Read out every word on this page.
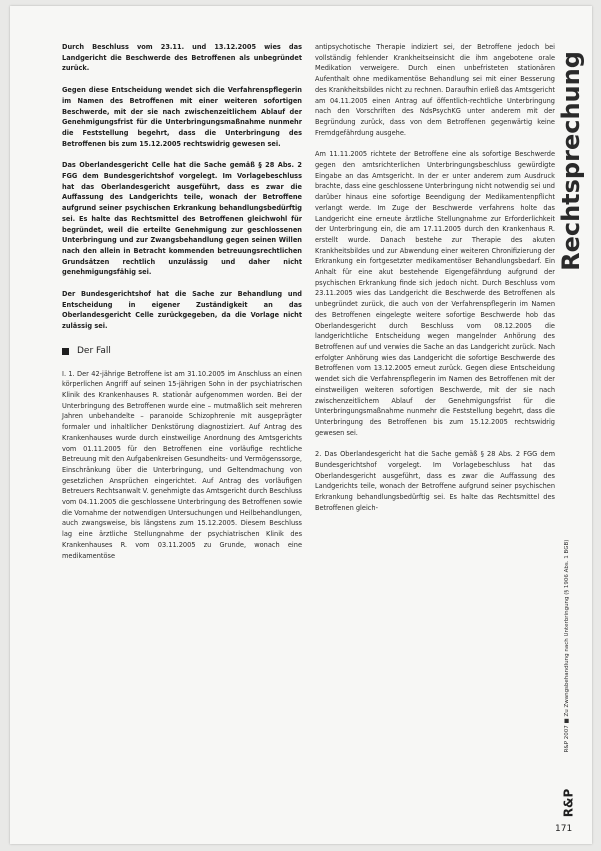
Durch Beschluss vom 23.11. und 13.12.2005 wies das Landgericht die Beschwerde des Betroffenen als unbegründet zurück.

Gegen diese Entscheidung wendet sich die Verfahrenspflegerin im Namen des Betroffenen mit einer weiteren sofortigen Beschwerde, mit der sie nach zwischenzeitlichem Ablauf der Genehmigungsfrist für die Unterbringungsmaßnahme nunmehr die Feststellung begehrt, dass die Unterbringung des Betroffenen bis zum 15.12.2005 rechtswidrig gewesen sei.

Das Oberlandesgericht Celle hat die Sache gemäß § 28 Abs. 2 FGG dem Bundesgerichtshof vorgelegt. Im Vorlagebeschluss hat das Oberlandesgericht ausgeführt, dass es zwar die Auffassung des Landgerichts teile, wonach der Betroffene aufgrund seiner psychischen Erkrankung behandlungsbedürftig sei. Es halte das Rechtsmittel des Betroffenen gleichwohl für begründet, weil die erteilte Genehmigung zur geschlossenen Unterbringung und zur Zwangsbehandlung gegen seinen Willen nach den allein in Betracht kommenden betreuungsrechtlichen Grundsätzen rechtlich unzulässig und daher nicht genehmigungsfähig sei.

Der Bundesgerichtshof hat die Sache zur Behandlung und Entscheidung in eigener Zuständigkeit an das Oberlandesgericht Celle zurückgegeben, da die Vorlage nicht zulässig sei.

Der Fall

I. 1. Der 42-jährige Betroffene ist am 31.10.2005 im Anschluss an einen körperlichen Angriff auf seinen 15-jährigen Sohn in der psychiatrischen Klinik des Krankenhauses R. stationär aufgenommen worden. Bei der Unterbringung des Betroffenen wurde eine – mutmaßlich seit mehreren Jahren unbehandelte – paranoide Schizophrenie mit ausgeprägter formaler und inhaltlicher Denkstörung diagnostiziert. Auf Antrag des Krankenhauses wurde durch einstweilige Anordnung des Amtsgerichts vom 01.11.2005 für den Betroffenen eine vorläufige rechtliche Betreuung mit den Aufgabenkreisen Gesundheits- und Vermögenssorge, Einschränkung über die Unterbringung, und Geltendmachung von gesetzlichen Ansprüchen eingerichtet. Auf Antrag des vorläufigen Betreuers Rechtsanwalt V. genehmigte das Amtsgericht durch Beschluss vom 04.11.2005 die geschlossene Unterbringung des Betroffenen sowie die Vornahme der notwendigen Untersuchungen und Heilbehandlungen, auch zwangsweise, bis längstens zum 15.12.2005. Diesem Beschluss lag eine ärztliche Stellungnahme der psychiatrischen Klinik des Krankenhauses R. vom 03.11.2005 zu Grunde, wonach eine medikamentöse

antipsychotische Therapie indiziert sei, der Betroffene jedoch bei vollständig fehlender Krankheitseinsicht die ihm angebotene orale Medikation verweigere. Durch einen unbefristeten stationären Aufenthalt ohne medikamentöse Behandlung sei mit einer Besserung des Krankheitsbildes nicht zu rechnen. Daraufhin erließ das Amtsgericht am 04.11.2005 einen Antrag auf öffentlich-rechtliche Unterbringung nach den Vorschriften des NdsPsychKG unter anderem mit der Begründung zurück, dass von dem Betroffenen gegenwärtig keine Fremdgefährdung ausgehe.

Am 11.11.2005 richtete der Betroffene eine als sofortige Beschwerde gegen den amtsrichterlichen Unterbringungsbeschluss gewürdigte Eingabe an das Amtsgericht. In der er unter anderem zum Ausdruck brachte, dass eine geschlossene Unterbringung nicht notwendig sei und darüber hinaus eine sofortige Beendigung der Medikamentenpflicht verlangt werde. Im Zuge der Beschwerde verfahrens holte das Landgericht eine erneute ärztliche Stellungnahme zur Erforderlichkeit der Unterbringung ein, die am 17.11.2005 durch den Krankenhaus R. erstellt wurde. Danach bestehe zur Therapie des akuten Krankheitsbildes und zur Abwendung einer weiteren Chronifizierung der Erkrankung ein fortgesetzter medikamentöser Behandlungsbedarf. Ein Anhalt für eine akut bestehende Eigengefährdung aufgrund der psychischen Erkrankung finde sich jedoch nicht. Durch Beschluss vom 23.11.2005 wies das Landgericht die Beschwerde des Betroffenen als unbegründet zurück, die auch von der Verfahrenspflegerin im Namen des Betroffenen eingelegte weitere sofortige Beschwerde hob das Oberlandesgericht durch Beschluss vom 08.12.2005 die landgerichtliche Entscheidung wegen mangelnder Anhörung des Betroffenen auf und verwies die Sache an das Landgericht zurück. Nach erfolgter Anhörung wies das Landgericht die sofortige Beschwerde des Betroffenen vom 13.12.2005 erneut zurück. Gegen diese Entscheidung wendet sich die Verfahrenspflegerin im Namen des Betroffenen mit der einstweiligen weiteren sofortigen Beschwerde, mit der sie nach zwischenzeitlichem Ablauf der Genehmigungsfrist für die Unterbringungsmaßnahme nunmehr die Feststellung begehrt, dass die Unterbringung des Betroffenen bis zum 15.12.2005 rechtswidrig gewesen sei.

2. Das Oberlandesgericht hat die Sache gemäß § 28 Abs. 2 FGG dem Bundesgerichtshof vorgelegt. Im Vorlagebeschluss hat das Oberlandesgericht ausgeführt, dass es zwar die Auffassung des Landgerichts teile, wonach der Betroffene aufgrund seiner psychischen Erkrankung behandlungsbedürftig sei. Es halte das Rechtsmittel des Betroffenen gleich-

Rechtsprechung
R&P 2007 ■ Zu Zwangsbehandlung nach Unterbringung (§ 1906 Abs. 1 BGB)
R&P
171
